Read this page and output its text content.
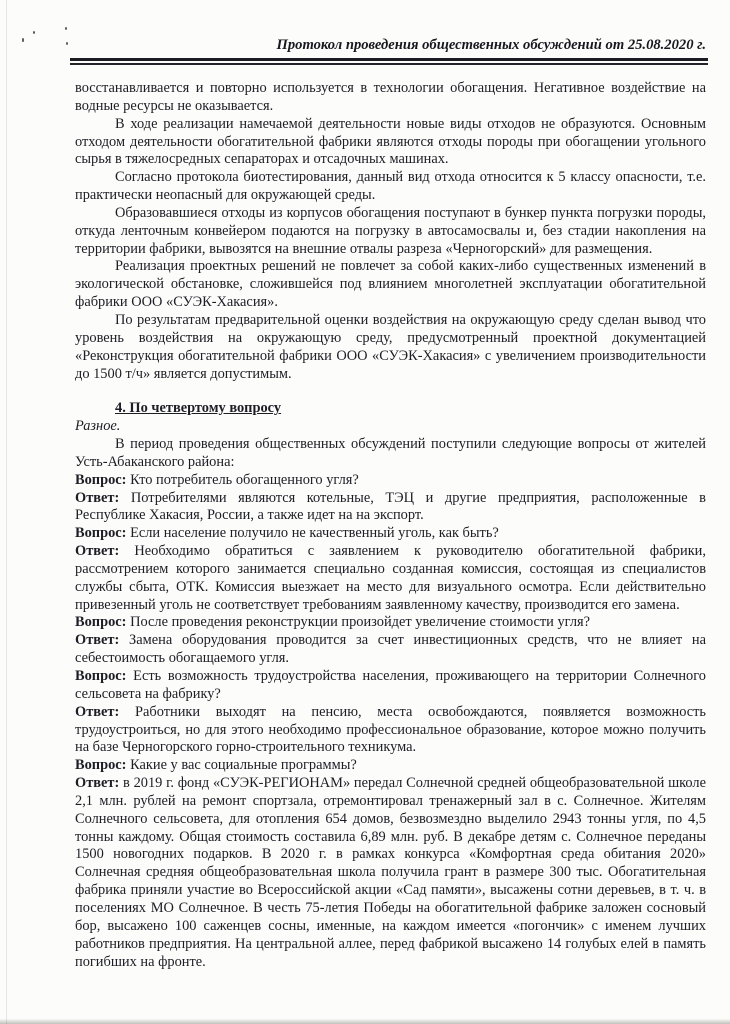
Протокол проведения общественных обсуждений от 25.08.2020 г.

восстанавливается и повторно используется в технологии обогащения. Негативное воздействие на водные ресурсы не оказывается.

В ходе реализации намечаемой деятельности новые виды отходов не образуются. Основным отходом деятельности обогатительной фабрики являются отходы породы при обогащении угольного сырья в тяжелосредных сепараторах и отсадочных машинах.

Согласно протокола биотестирования, данный вид отхода относится к 5 классу опасности, т.е. практически неопасный для окружающей среды.

Образовавшиеся отходы из корпусов обогащения поступают в бункер пункта погрузки породы, откуда ленточным конвейером подаются на погрузку в автосамосвалы и, без стадии накопления на территории фабрики, вывозятся на внешние отвалы разреза «Черногорский» для размещения.

Реализация проектных решений не повлечет за собой каких-либо существенных изменений в экологической обстановке, сложившейся под влиянием многолетней эксплуатации обогатительной фабрики ООО «СУЭК-Хакасия».

По результатам предварительной оценки воздействия на окружающую среду сделан вывод что уровень воздействия на окружающую среду, предусмотренный проектной документацией «Реконструкция обогатительной фабрики ООО «СУЭК-Хакасия» с увеличением производительности до 1500 т/ч» является допустимым.

4. По четвертому вопросу

Разное.

В период проведения общественных обсуждений поступили следующие вопросы от жителей Усть-Абаканского района:

Вопрос: Кто потребитель обогащенного угля?

Ответ: Потребителями являются котельные, ТЭЦ и другие предприятия, расположенные в Республике Хакасия, России, а также идет на на экспорт.

Вопрос: Если население получило не качественный уголь, как быть?

Ответ: Необходимо обратиться с заявлением к руководителю обогатительной фабрики, рассмотрением которого занимается специально созданная комиссия, состоящая из специалистов службы сбыта, ОТК. Комиссия выезжает на место для визуального осмотра. Если действительно привезенный уголь не соответствует требованиям заявленному качеству, производится его замена.

Вопрос: После проведения реконструкции произойдет увеличение стоимости угля?

Ответ: Замена оборудования проводится за счет инвестиционных средств, что не влияет на себестоимость обогащаемого угля.

Вопрос: Есть возможность трудоустройства населения, проживающего на территории Солнечного сельсовета на фабрику?

Ответ: Работники выходят на пенсию, места освобождаются, появляется возможность трудоустроиться, но для этого необходимо профессиональное образование, которое можно получить на базе Черногорского горно-строительного техникума.

Вопрос: Какие у вас социальные программы?

Ответ: в 2019 г. фонд «СУЭК-РЕГИОНАМ» передал Солнечной средней общеобразовательной школе 2,1 млн. рублей на ремонт спортзала, отремонтировал тренажерный зал в с. Солнечное. Жителям Солнечного сельсовета, для отопления 654 домов, безвозмездно выделило 2943 тонны угля, по 4,5 тонны каждому. Общая стоимость составила 6,89 млн. руб. В декабре детям с. Солнечное переданы 1500 новогодних подарков. В 2020 г. в рамках конкурса «Комфортная среда обитания 2020» Солнечная средняя общеобразовательная школа получила грант в размере 300 тыс. Обогатительная фабрика приняли участие во Всероссийской акции «Сад памяти», высажены сотни деревьев, в т. ч. в поселениях МО Солнечное. В честь 75-летия Победы на обогатительной фабрике заложен сосновый бор, высажено 100 саженцев сосны, именные, на каждом имеется «погончик» с именем лучших работников предприятия. На центральной аллее, перед фабрикой высажено 14 голубых елей в память погибших на фронте.
